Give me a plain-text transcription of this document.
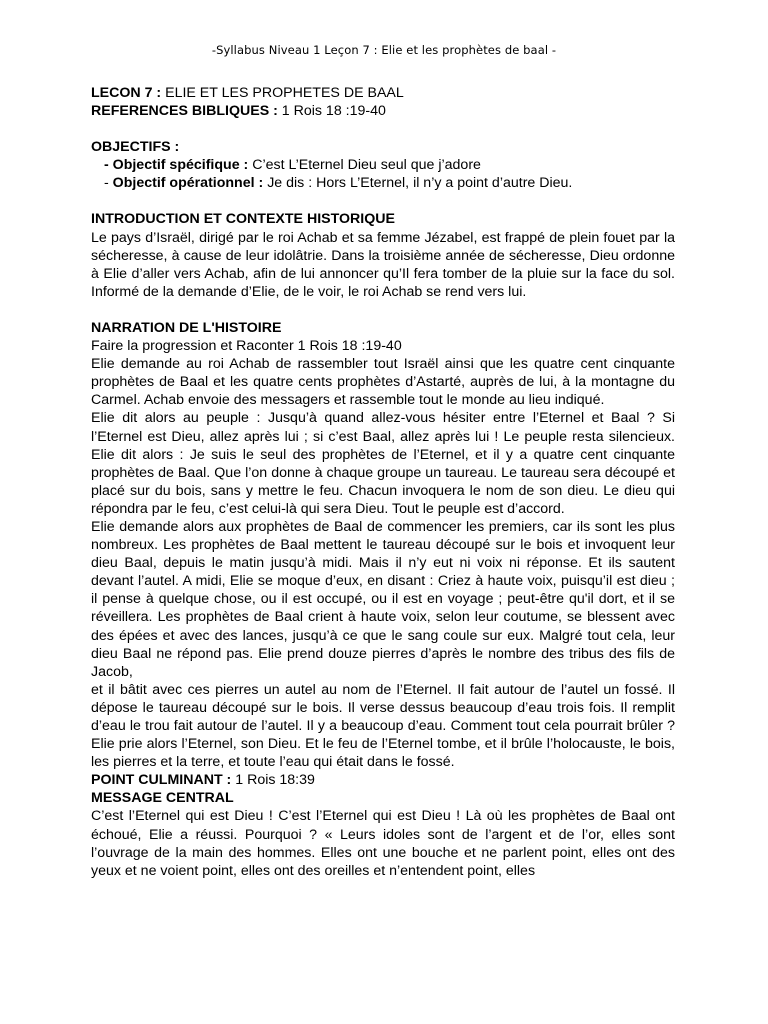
-Syllabus Niveau 1 Leçon 7 : Elie et les prophètes de baal -
LECON 7 : ELIE ET LES PROPHETES DE BAAL
REFERENCES BIBLIQUES : 1 Rois 18 :19-40
OBJECTIFS :
- Objectif spécifique : C’est L’Eternel Dieu seul que j’adore
- Objectif opérationnel : Je dis : Hors L’Eternel, il n’y a point d’autre Dieu.
INTRODUCTION ET CONTEXTE HISTORIQUE

Le pays d’Israël, dirigé par le roi Achab et sa femme Jézabel, est frappé de plein fouet par la sécheresse, à cause de leur idolâtrie. Dans la troisième année de sécheresse, Dieu ordonne à Elie d’aller vers Achab, afin de lui annoncer qu’Il fera tomber de la pluie sur la face du sol. Informé de la demande d’Elie, de le voir, le roi Achab se rend vers lui.

NARRATION DE L'HISTOIRE
Faire la progression et Raconter 1 Rois 18 :19-40

Elie demande au roi Achab de rassembler tout Israël ainsi que les quatre cent cinquante prophètes de Baal et les quatre cents prophètes d’Astarté, auprès de lui, à la montagne du Carmel. Achab envoie des messagers et rassemble tout le monde au lieu indiqué.

Elie dit alors au peuple : Jusqu’à quand allez-vous hésiter entre l’Eternel et Baal ? Si l’Eternel est Dieu, allez après lui ; si c’est Baal, allez après lui ! Le peuple resta silencieux. Elie dit alors : Je suis le seul des prophètes de l’Eternel, et il y a quatre cent cinquante prophètes de Baal. Que l’on donne à chaque groupe un taureau. Le taureau sera découpé et placé sur du bois, sans y mettre le feu. Chacun invoquera le nom de son dieu. Le dieu qui répondra par le feu, c’est celui-là qui sera Dieu. Tout le peuple est d’accord.

Elie demande alors aux prophètes de Baal de commencer les premiers, car ils sont les plus nombreux. Les prophètes de Baal mettent le taureau découpé sur le bois et invoquent leur dieu Baal, depuis le matin jusqu’à midi. Mais il n’y eut ni voix ni réponse. Et ils sautent devant l’autel. A midi, Elie se moque d’eux, en disant : Criez à haute voix, puisqu’il est dieu ; il pense à quelque chose, ou il est occupé, ou il est en voyage ; peut-être qu'il dort, et il se réveillera. Les prophètes de Baal crient à haute voix, selon leur coutume, se blessent avec des épées et avec des lances, jusqu’à ce que le sang coule sur eux. Malgré tout cela, leur dieu Baal ne répond pas. Elie prend douze pierres d’après le nombre des tribus des fils de Jacob,

et il bâtit avec ces pierres un autel au nom de l’Eternel. Il fait autour de l’autel un fossé. Il dépose le taureau découpé sur le bois. Il verse dessus beaucoup d’eau trois fois. Il remplit d’eau le trou fait autour de l’autel. Il y a beaucoup d’eau. Comment tout cela pourrait brûler ? Elie prie alors l’Eternel, son Dieu. Et le feu de l’Eternel tombe, et il brûle l’holocauste, le bois, les pierres et la terre, et toute l’eau qui était dans le fossé.

POINT CULMINANT : 1 Rois 18:39
MESSAGE CENTRAL

C’est l’Eternel qui est Dieu ! C’est l’Eternel qui est Dieu ! Là où les prophètes de Baal ont échoué, Elie a réussi. Pourquoi ? « Leurs idoles sont de l’argent et de l’or, elles sont l’ouvrage de la main des hommes. Elles ont une bouche et ne parlent point, elles ont des yeux et ne voient point, elles ont des oreilles et n’entendent point, elles
